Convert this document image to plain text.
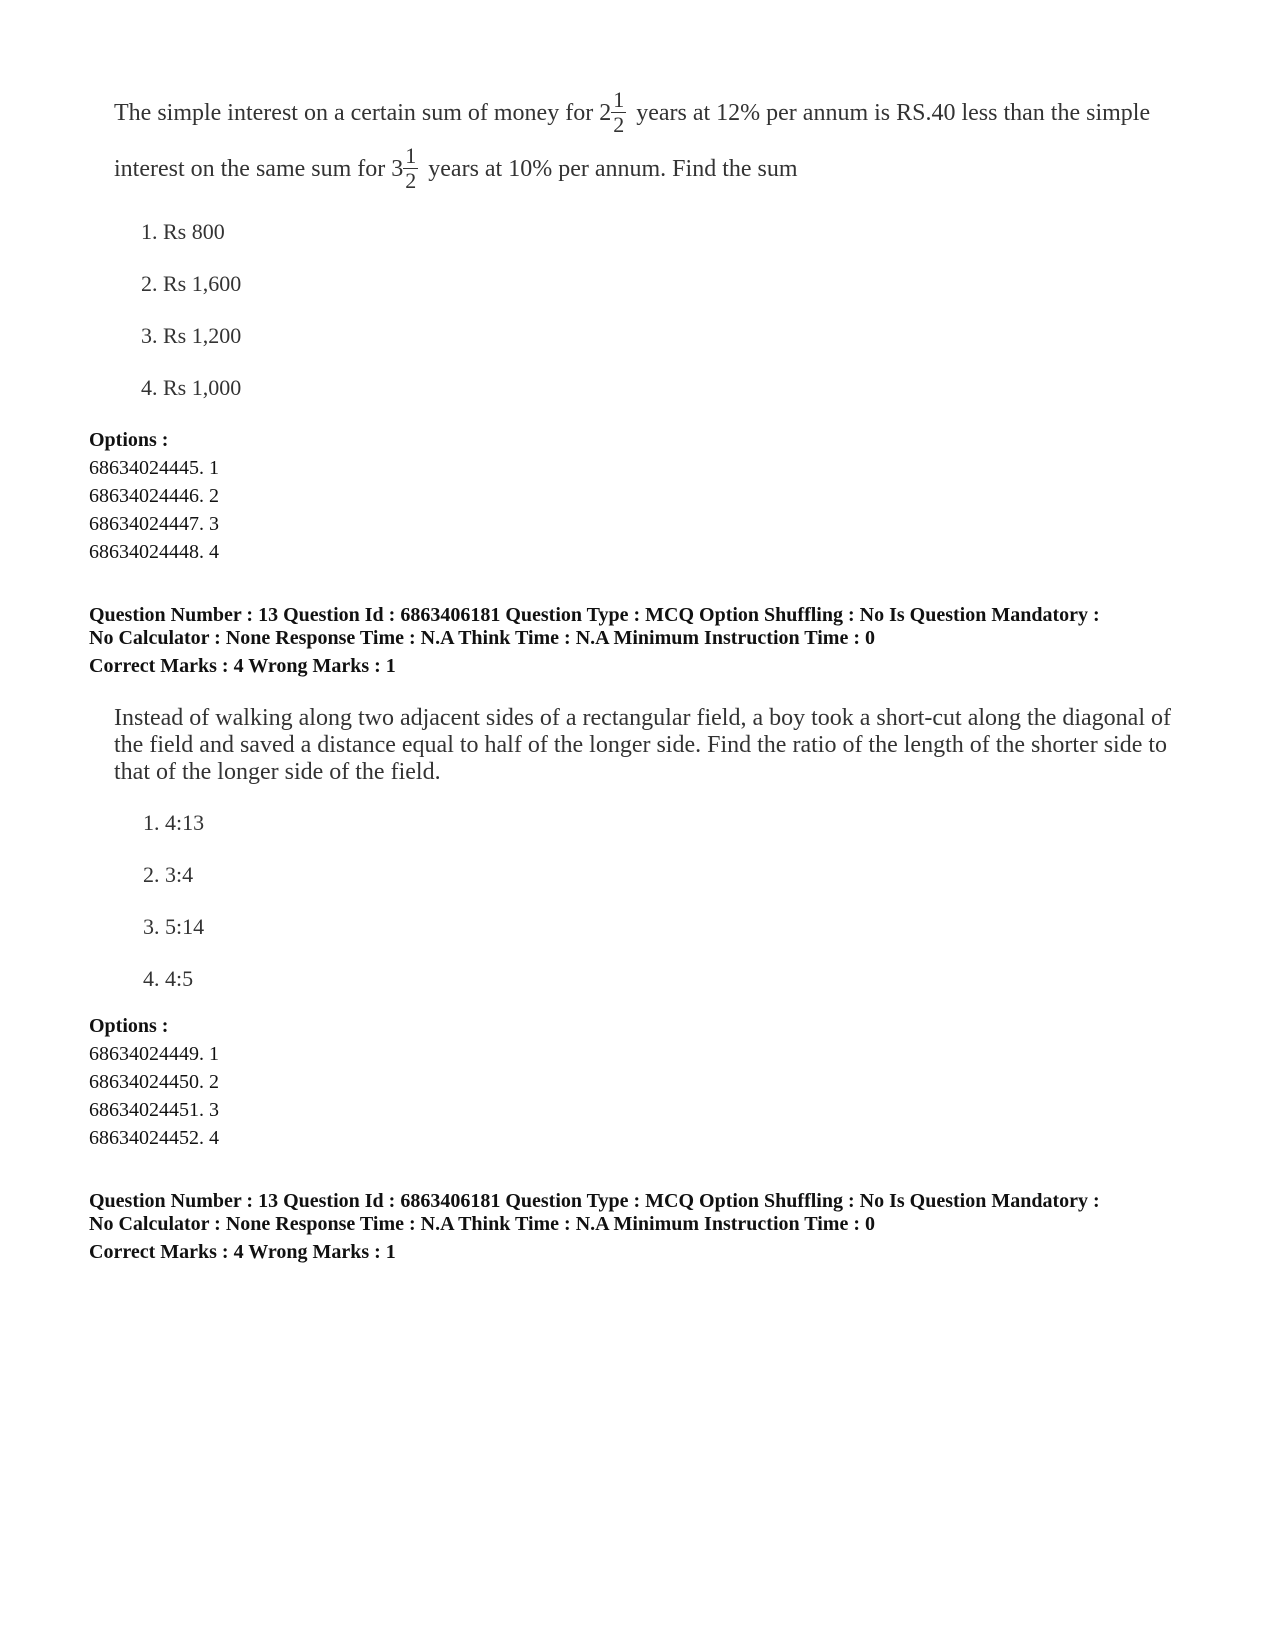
The simple interest on a certain sum of money for $2 \frac{1}{2}$ years at 12% per annum is RS.40 less than the simple
interest on the same sum for $3 \frac{1}{2}$ years at 10% per annum. Find the sum
1. Rs 800
2. Rs 1,600
3. Rs 1,200
4. Rs 1,000
Options :
68634024445. 1
68634024446. 2
68634024447. 3
68634024448. 4
Question Number : 13 Question Id : 6863406181 Question Type : MCQ Option Shuffling : No Is Question Mandatory :
No Calculator : None Response Time : N.A Think Time : N.A Minimum Instruction Time : 0
Correct Marks : 4 Wrong Marks : 1
Instead of walking along two adjacent sides of a rectangular field, a boy took a short-cut along the diagonal of
the field and saved a distance equal to half of the longer side. Find the ratio of the length of the shorter side to
that of the longer side of the field.
1. 4:13
2. 3:4
3. 5:14
4. 4:5
Options :
68634024449. 1
68634024450. 2
68634024451. 3
68634024452. 4
Question Number : 13 Question Id : 6863406181 Question Type : MCQ Option Shuffling : No Is Question Mandatory :
No Calculator : None Response Time : N.A Think Time : N.A Minimum Instruction Time : 0
Correct Marks : 4 Wrong Marks : 1
